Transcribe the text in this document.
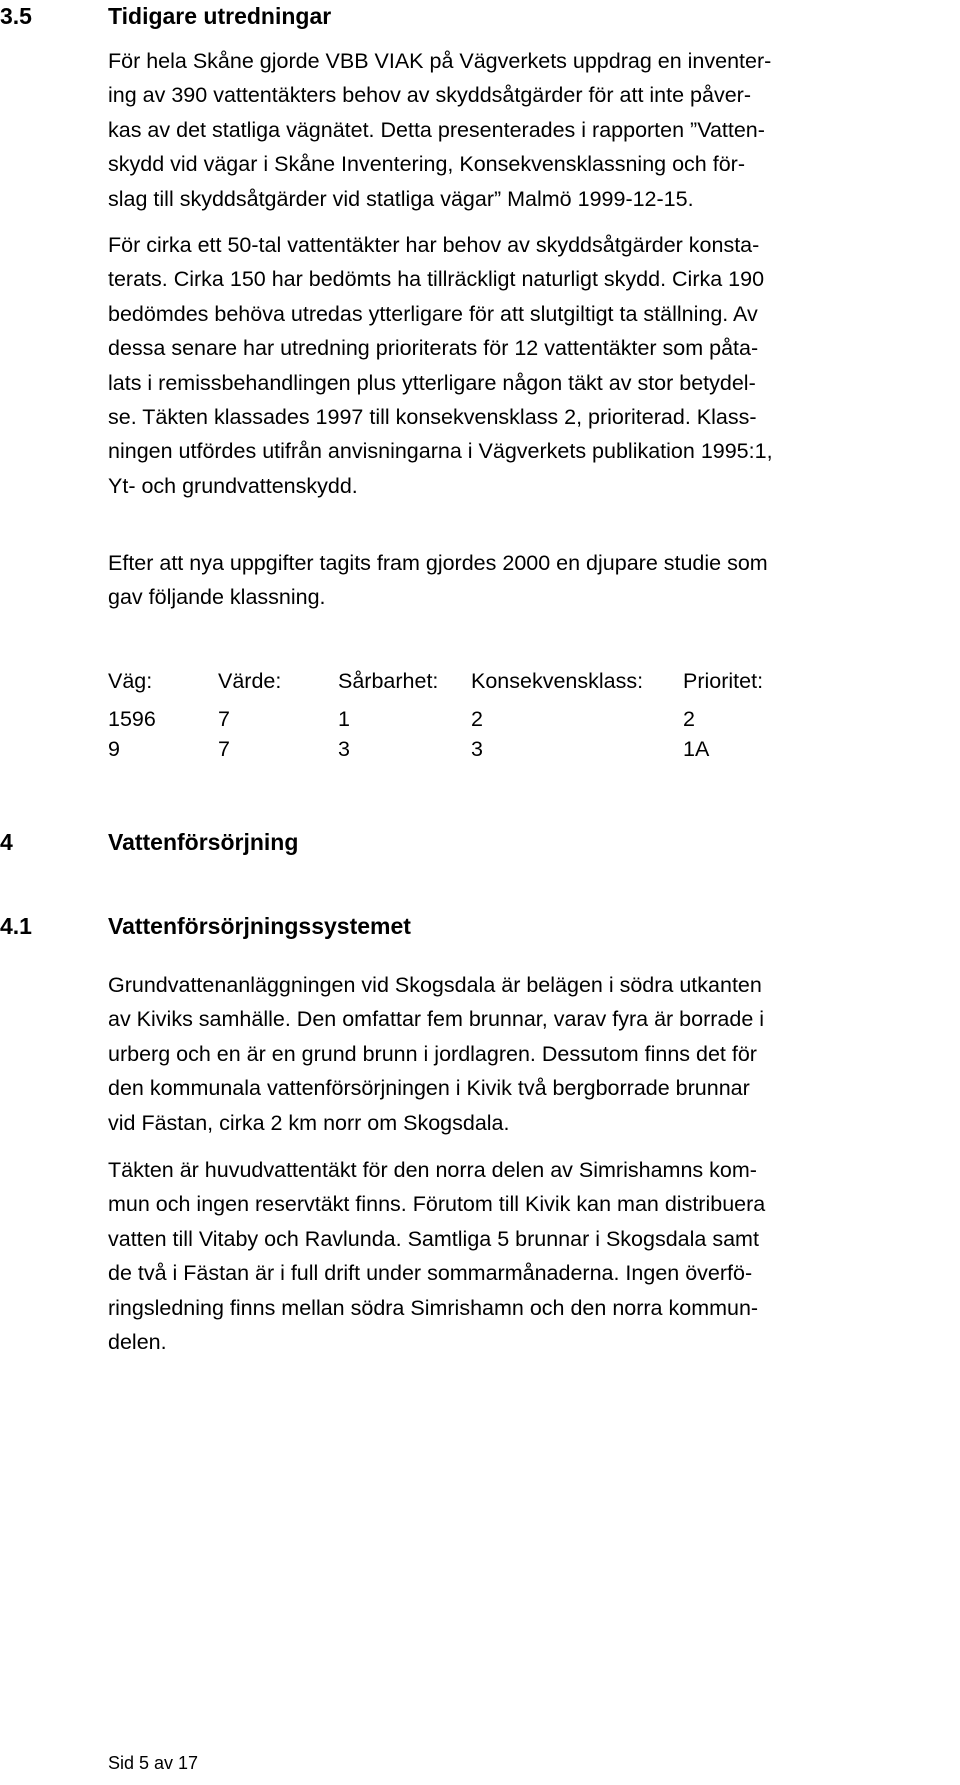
3.5	Tidigare utredningar
För hela Skåne gjorde VBB VIAK på Vägverkets uppdrag en inventer-
ing av 390 vattentäkters behov av skyddsåtgärder för att inte påver-
kas av det statliga vägnätet. Detta presenterades i rapporten ”Vatten-
skydd vid vägar i Skåne Inventering, Konsekvensklassning och för-
slag till skyddsåtgärder vid statliga vägar” Malmö 1999-12-15.
För cirka ett 50-tal vattentäkter har behov av skyddsåtgärder konsta-
terats. Cirka 150 har bedömts ha tillräckligt naturligt skydd. Cirka 190
bedömdes behöva utredas ytterligare för att slutgiltigt ta ställning. Av
dessa senare har utredning prioriterats för 12 vattentäkter som påta-
lats i remissbehandlingen plus ytterligare någon täkt av stor betydel-
se. Täkten klassades 1997 till konsekvensklass 2, prioriterad. Klass-
ningen utfördes utifrån anvisningarna i Vägverkets publikation 1995:1,
Yt- och grundvattenskydd.
Efter att nya uppgifter tagits fram gjordes 2000 en djupare studie som
gav följande klassning.
Väg:	Värde:	Sårbarhet: Konsekvensklass: Prioritet:
1596	7	1	2	2
9	7	3	3	1A
4	Vattenförsörjning
4.1	Vattenförsörjningssystemet
Grundvattenanläggningen vid Skogsdala är belägen i södra utkanten
av Kiviks samhälle. Den omfattar fem brunnar, varav fyra är borrade i
urberg och en är en grund brunn i jordlagren. Dessutom finns det för
den kommunala vattenförsörjningen i Kivik två bergborrade brunnar
vid Fästan, cirka 2 km norr om Skogsdala.
Täkten är huvudvattentäkt för den norra delen av Simrishamns kom-
mun och ingen reservtäkt finns. Förutom till Kivik kan man distribuera
vatten till Vitaby och Ravlunda. Samtliga 5 brunnar i Skogsdala samt
de två i Fästan är i full drift under sommarmånaderna. Ingen överfö-
ringsledning finns mellan södra Simrishamn och den norra kommun-
delen.
Sid 5 av 17
